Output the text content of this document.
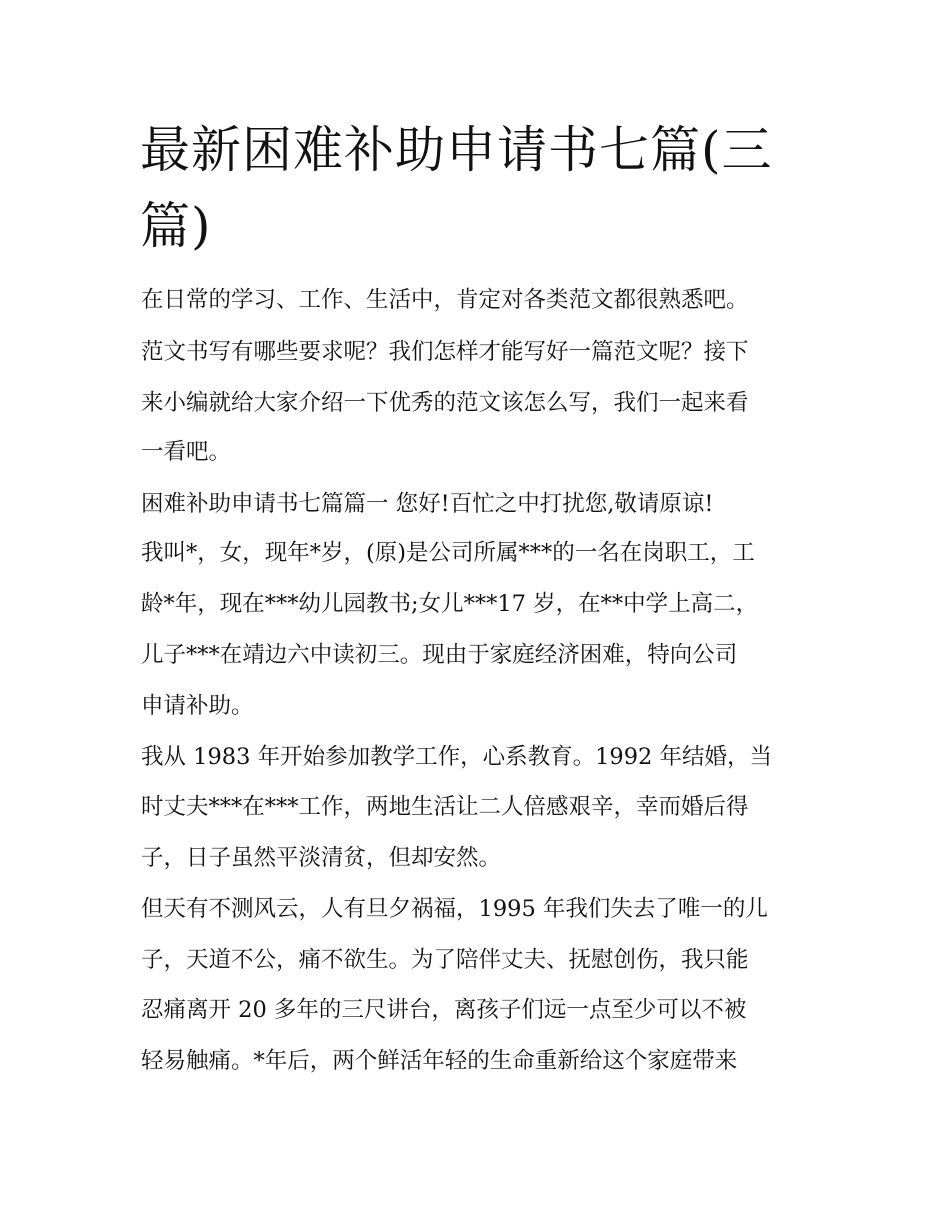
最新困难补助申请书七篇(三篇)

在日常的学习、工作、生活中，肯定对各类范文都很熟悉吧。

范文书写有哪些要求呢？我们怎样才能写好一篇范文呢？接下

来小编就给大家介绍一下优秀的范文该怎么写，我们一起来看

一看吧。

困难补助申请书七篇篇一 您好!百忙之中打扰您,敬请原谅!

我叫*，女，现年*岁，(原)是公司所属***的一名在岗职工，工

龄*年，现在***幼儿园教书;女儿***17 岁，在**中学上高二，

儿子***在靖边六中读初三。现由于家庭经济困难，特向公司

申请补助。

我从 1983 年开始参加教学工作，心系教育。1992 年结婚，当

时丈夫***在***工作，两地生活让二人倍感艰辛，幸而婚后得

子，日子虽然平淡清贫，但却安然。

但天有不测风云，人有旦夕祸福，1995 年我们失去了唯一的儿

子，天道不公，痛不欲生。为了陪伴丈夫、抚慰创伤，我只能

忍痛离开 20 多年的三尺讲台，离孩子们远一点至少可以不被

轻易触痛。*年后，两个鲜活年轻的生命重新给这个家庭带来
